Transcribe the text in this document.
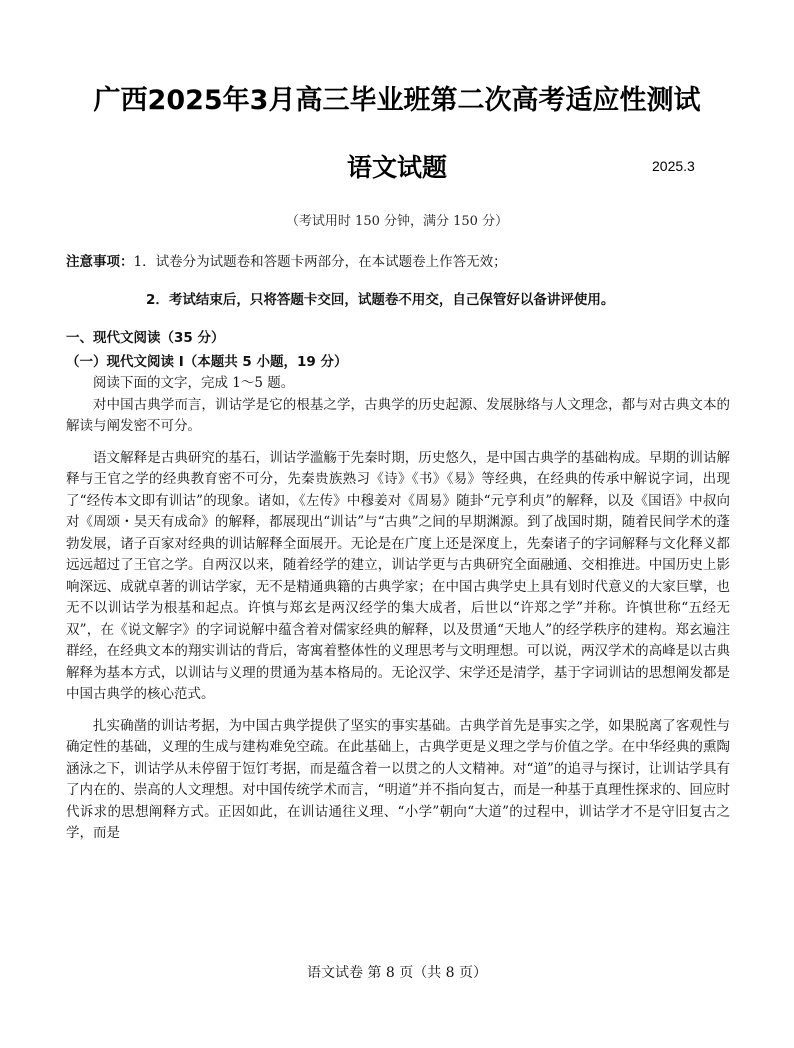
广西2025年3月高三毕业班第二次高考适应性测试
语文试题	2025.3
（考试用时 150 分钟，满分 150 分）
注意事项：1．试卷分为试题卷和答题卡两部分，在本试题卷上作答无效；
2．考试结束后，只将答题卡交回，试题卷不用交，自己保管好以备讲评使用。
一、现代文阅读（35 分）
（一）现代文阅读 I（本题共 5 小题，19 分）

阅读下面的文字，完成 1～5 题。

对中国古典学而言，训诂学是它的根基之学，古典学的历史起源、发展脉络与人文理念，都与对古典文本的解读与阐发密不可分。

语文解释是古典研究的基石，训诂学滥觞于先秦时期，历史悠久，是中国古典学的基础构成。早期的训诂解释与王官之学的经典教育密不可分，先秦贵族熟习《诗》《书》《易》等经典，在经典的传承中解说字词，出现了“经传本文即有训诂”的现象。诸如，《左传》中穆姜对《周易》随卦“元亨利贞”的解释，以及《国语》中叔向对《周颂・昊天有成命》的解释，都展现出“训诂”与“古典”之间的早期渊源。到了战国时期，随着民间学术的蓬勃发展，诸子百家对经典的训诂解释全面展开。无论是在广度上还是深度上，先秦诸子的字词解释与文化释义都远远超过了王官之学。自两汉以来，随着经学的建立，训诂学更与古典研究全面融通、交相推进。中国历史上影响深远、成就卓著的训诂学家，无不是精通典籍的古典学家；在中国古典学史上具有划时代意义的大家巨擘，也无不以训诂学为根基和起点。许慎与郑玄是两汉经学的集大成者，后世以“许郑之学”并称。许慎世称“五经无双”，在《说文解字》的字词说解中蕴含着对儒家经典的解释，以及贯通“天地人”的经学秩序的建构。郑玄遍注群经，在经典文本的翔实训诂的背后，寄寓着整体性的义理思考与文明理想。可以说，两汉学术的高峰是以古典解释为基本方式，以训诂与义理的贯通为基本格局的。无论汉学、宋学还是清学，基于字词训诂的思想阐发都是中国古典学的核心范式。

扎实确凿的训诂考据，为中国古典学提供了坚实的事实基础。古典学首先是事实之学，如果脱离了客观性与确定性的基础，义理的生成与建构难免空疏。在此基础上，古典学更是义理之学与价值之学。在中华经典的熏陶涵泳之下，训诂学从未停留于饾饤考据，而是蕴含着一以贯之的人文精神。对“道”的追寻与探讨，让训诂学具有了内在的、崇高的人文理想。对中国传统学术而言，“明道”并不指向复古，而是一种基于真理性探求的、回应时代诉求的思想阐释方式。正因如此，在训诂通往义理、“小学”朝向“大道”的过程中，训诂学才不是守旧复古之学，而是

语文试卷 第 8 页（共 8 页）
